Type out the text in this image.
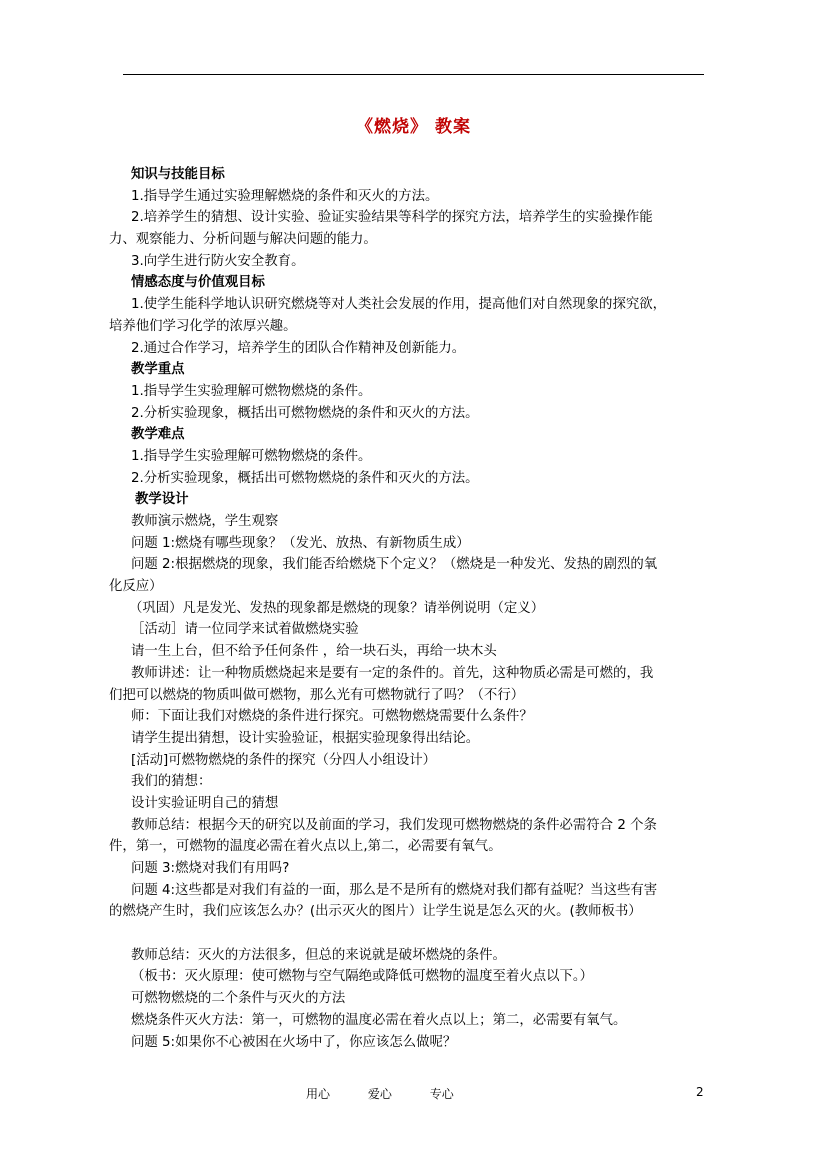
《燃烧》 教案
知识与技能目标
1.指导学生通过实验理解燃烧的条件和灭火的方法。
2.培养学生的猜想、设计实验、验证实验结果等科学的探究方法，培养学生的实验操作能
力、观察能力、分析问题与解决问题的能力。
3.向学生进行防火安全教育。
情感态度与价值观目标
1.使学生能科学地认识研究燃烧等对人类社会发展的作用，提高他们对自然现象的探究欲，
培养他们学习化学的浓厚兴趣。
2.通过合作学习，培养学生的团队合作精神及创新能力。
教学重点
1.指导学生实验理解可燃物燃烧的条件。
2.分析实验现象，概括出可燃物燃烧的条件和灭火的方法。
教学难点
1.指导学生实验理解可燃物燃烧的条件。
2.分析实验现象，概括出可燃物燃烧的条件和灭火的方法。
教学设计
教师演示燃烧，学生观察
问题 1:燃烧有哪些现象？（发光、放热、有新物质生成）
问题 2:根据燃烧的现象，我们能否给燃烧下个定义？（燃烧是一种发光、发热的剧烈的氧
化反应）
（巩固）凡是发光、发热的现象都是燃烧的现象？请举例说明（定义）
［活动］请一位同学来试着做燃烧实验
请一生上台，但不给予任何条件 ，给一块石头，再给一块木头
教师讲述：让一种物质燃烧起来是要有一定的条件的。首先，这种物质必需是可燃的，我
们把可以燃烧的物质叫做可燃物，那么光有可燃物就行了吗？（不行）
师：下面让我们对燃烧的条件进行探究。可燃物燃烧需要什么条件？
请学生提出猜想，设计实验验证，根据实验现象得出结论。
[活动]可燃物燃烧的条件的探究（分四人小组设计）
我们的猜想：
设计实验证明自己的猜想
教师总结：根据今天的研究以及前面的学习，我们发现可燃物燃烧的条件必需符合 2 个条
件，第一，可燃物的温度必需在着火点以上,第二，必需要有氧气。
问题 3:燃烧对我们有用吗?
问题 4:这些都是对我们有益的一面，那么是不是所有的燃烧对我们都有益呢？当这些有害
的燃烧产生时，我们应该怎么办？(出示灭火的图片）让学生说是怎么灭的火。(教师板书）
教师总结：灭火的方法很多，但总的来说就是破坏燃烧的条件。
（板书：灭火原理：使可燃物与空气隔绝或降低可燃物的温度至着火点以下。）
可燃物燃烧的二个条件与灭火的方法
燃烧条件灭火方法：第一，可燃物的温度必需在着火点以上；第二，必需要有氧气。
问题 5:如果你不心被困在火场中了，你应该怎么做呢？
用心	爱心	专心	2
